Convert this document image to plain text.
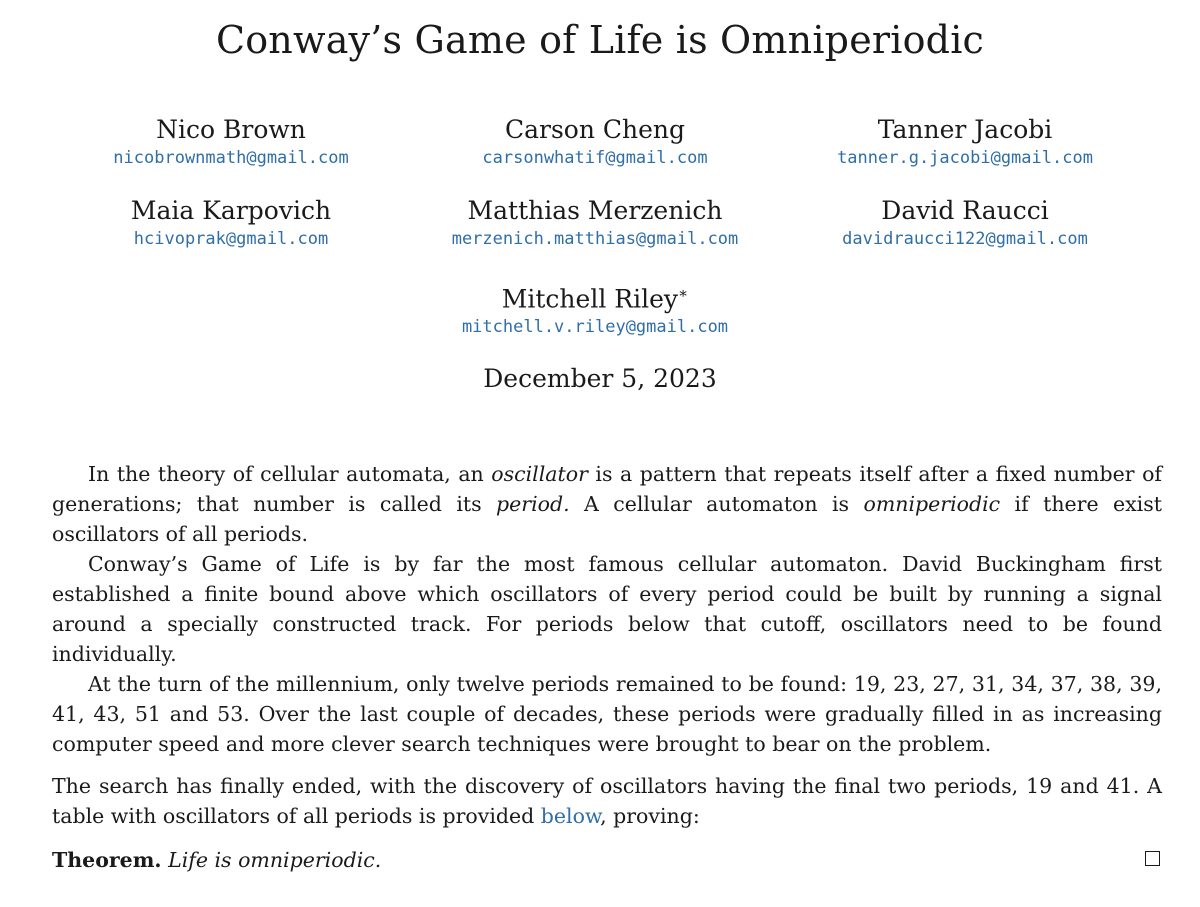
Conway’s Game of Life is Omniperiodic
Nico Brown
nicobrownmath@gmail.com
Carson Cheng
carsonwhatif@gmail.com
Tanner Jacobi
tanner.g.jacobi@gmail.com
Maia Karpovich
hcivoprak@gmail.com
Matthias Merzenich
merzenich.matthias@gmail.com
David Raucci
davidraucci122@gmail.com
Mitchell Riley∗
mitchell.v.riley@gmail.com
December 5, 2023

In the theory of cellular automata, an oscillator is a pattern that repeats itself after a fixed number of generations; that number is called its period. A cellular automaton is omniperiodic if there exist oscillators of all periods.

Conway’s Game of Life is by far the most famous cellular automaton. David Buckingham first established a finite bound above which oscillators of every period could be built by running a signal around a specially constructed track. For periods below that cutoff, oscillators need to be found individually.

At the turn of the millennium, only twelve periods remained to be found: 19, 23, 27, 31, 34, 37, 38, 39, 41, 43, 51 and 53. Over the last couple of decades, these periods were gradually filled in as increasing computer speed and more clever search techniques were brought to bear on the problem.

The search has finally ended, with the discovery of oscillators having the final two periods, 19 and 41. A table with oscillators of all periods is provided below, proving:

Theorem. Life is omniperiodic.
